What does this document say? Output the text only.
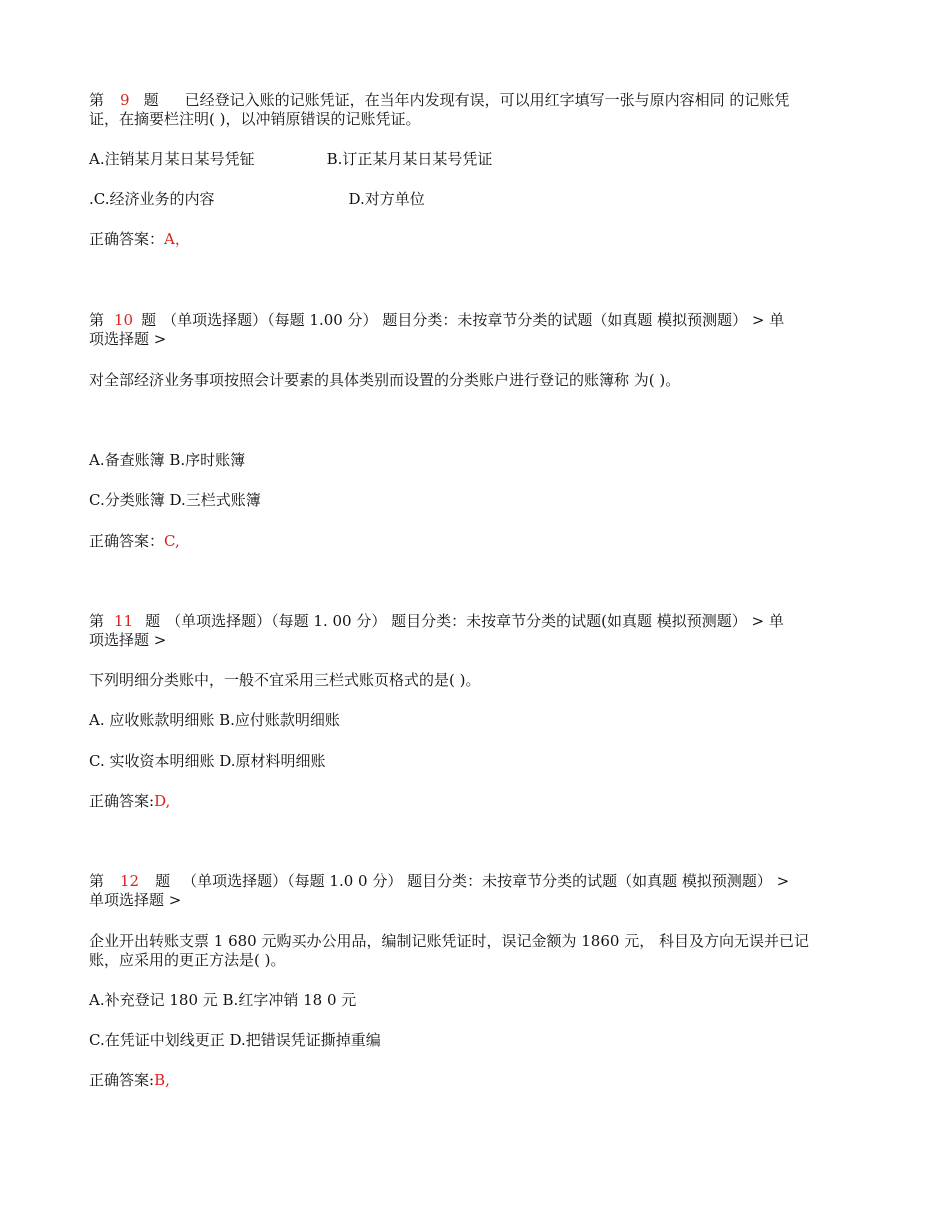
第 9 题 已经登记入账的记账凭证，在当年内发现有误，可以用红字填写一张与原内容相同 的记账凭
证，在摘要栏注明( )，以冲销原错误的记账凭证。
A.注销某月某日某号凭钲	B.订正某月某日某号凭证
.C.经济业务的内容	D.对方单位
正确答案：A，
第 10 题 （单项选择题）（每题 1.00 分） 题目分类：未按章节分类的试题（如真题 模拟预测题） > 单
项选择题 >
对全部经济业务事项按照会计要素的具体类别而设置的分类账户进行登记的账簿称 为( )。
A.备查账簿 B.序时账簿
C.分类账簿 D.三栏式账簿
正确答案：C,
第 11 题 （单项选择题）（每题 1. 00 分） 题目分类：未按章节分类的试题(如真题 模拟预测题） > 单
项选择题 >
下列明细分类账中，一般不宜采用三栏式账页格式的是( )。
A. 应收账款明细账 B.应付账款明细账
C. 实收资本明细账 D.原材料明细账
正确答案:D,
第 12 题 （单项选择题）（每题 1.0 0 分） 题目分类：未按章节分类的试题（如真题 模拟预测题） >
单项选择题 >
企业开出转账支票 1 680 元购买办公用品，编制记账凭证时，误记金额为 1860 元， 科目及方向无误并已记
账，应采用的更正方法是( )。
A.补充登记 180 元 B.红字冲销 18 0 元
C.在凭证中划线更正 D.把错误凭证撕掉重编
正确答案:B,
